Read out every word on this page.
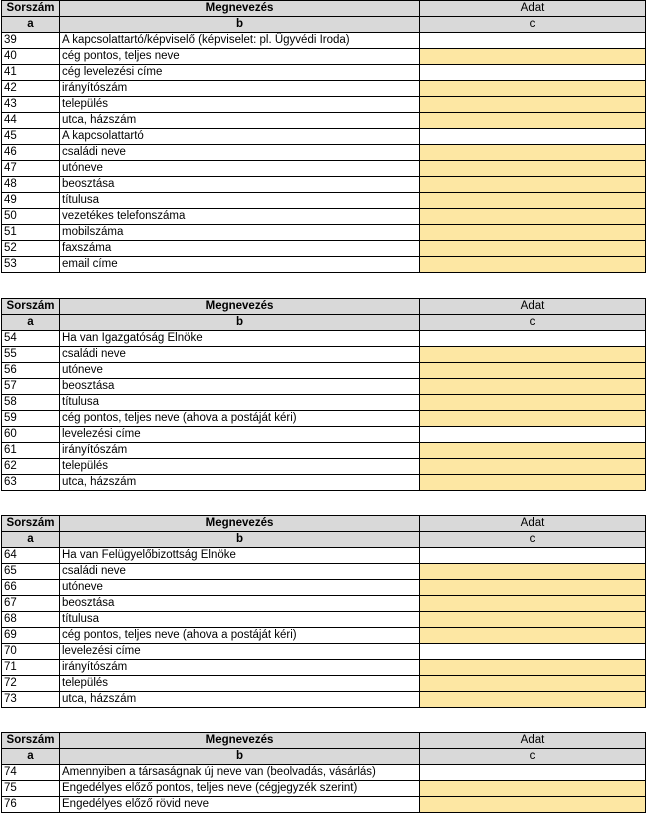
Sorszám	Megnevezés	Adat
a	b	c
39	A kapcsolattartó/képviselő (képviselet: pl. Ügyvédi Iroda)	
40	cég pontos, teljes neve	
41	cég levelezési címe	
42	irányítószám	
43	település	
44	utca, házszám	
45	A kapcsolattartó	
46	családi neve	
47	utóneve	
48	beosztása	
49	títulusa	
50	vezetékes telefonszáma	
51	mobilszáma	
52	faxszáma	
53	email címe	
Sorszám	Megnevezés	Adat
a	b	c
54	Ha van Igazgatóság Elnöke	
55	családi neve	
56	utóneve	
57	beosztása	
58	títulusa	
59	cég pontos, teljes neve (ahova a postáját kéri)	
60	levelezési címe	
61	irányítószám	
62	település	
63	utca, házszám	
Sorszám	Megnevezés	Adat
a	b	c
64	Ha van Felügyelőbizottság Elnöke	
65	családi neve	
66	utóneve	
67	beosztása	
68	títulusa	
69	cég pontos, teljes neve (ahova a postáját kéri)	
70	levelezési címe	
71	irányítószám	
72	település	
73	utca, házszám	
Sorszám	Megnevezés	Adat
a	b	c
74	Amennyiben a társaságnak új neve van (beolvadás, vásárlás)	
75	Engedélyes előző pontos, teljes neve (cégjegyzék szerint)	
76	Engedélyes előző rövid neve	
